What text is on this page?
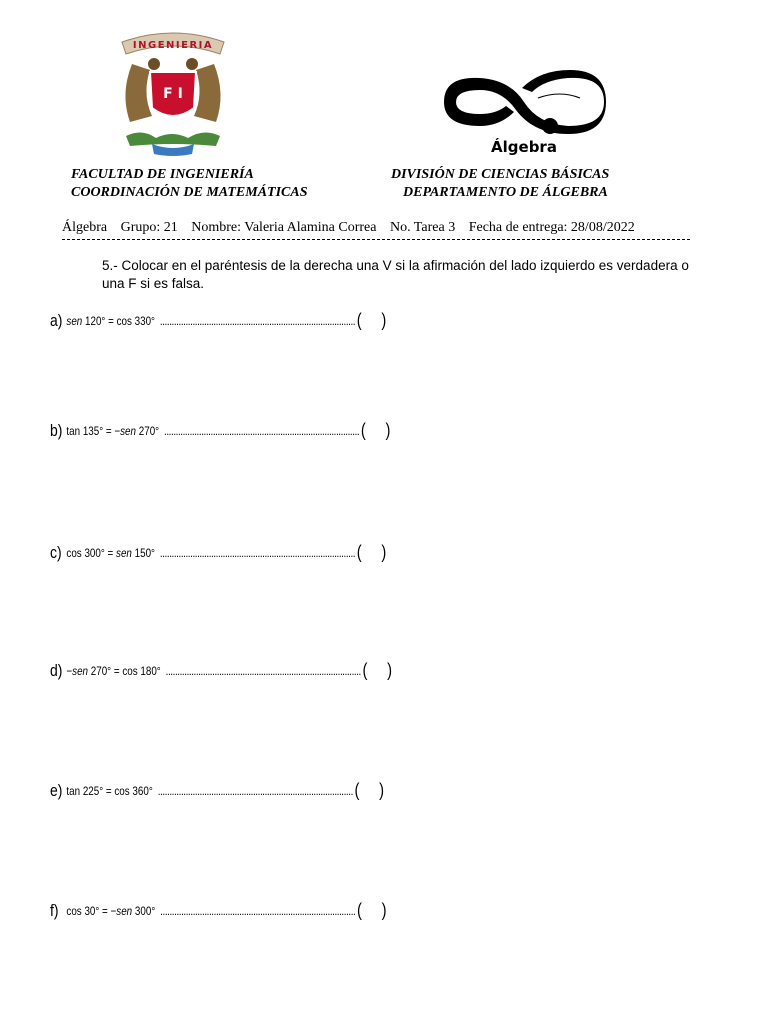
INGENIERIA
F I
Álgebra
FACULTAD DE INGENIERÍA
COORDINACIÓN DE MATEMÁTICAS
DIVISIÓN DE CIENCIAS BÁSICAS
DEPARTAMENTO DE ÁLGEBRA
Álgebra Grupo: 21 Nombre: Valeria Alamina Correa No. Tarea 3 Fecha de entrega: 28/08/2022
5.- Colocar en el paréntesis de la derecha una V si la afirmación del lado izquierdo es verdadera o una F si es falsa.
a) sen 120° = cos 330° .................................................................................... ( )
b) tan 135° = −sen 270° .................................................................................... ( )
c) cos 300° = sen 150° .................................................................................... ( )
d) −sen 270° = cos 180° .................................................................................... ( )
e) tan 225° = cos 360° .................................................................................... ( )
f) cos 30° = −sen 300° .................................................................................... ( )
